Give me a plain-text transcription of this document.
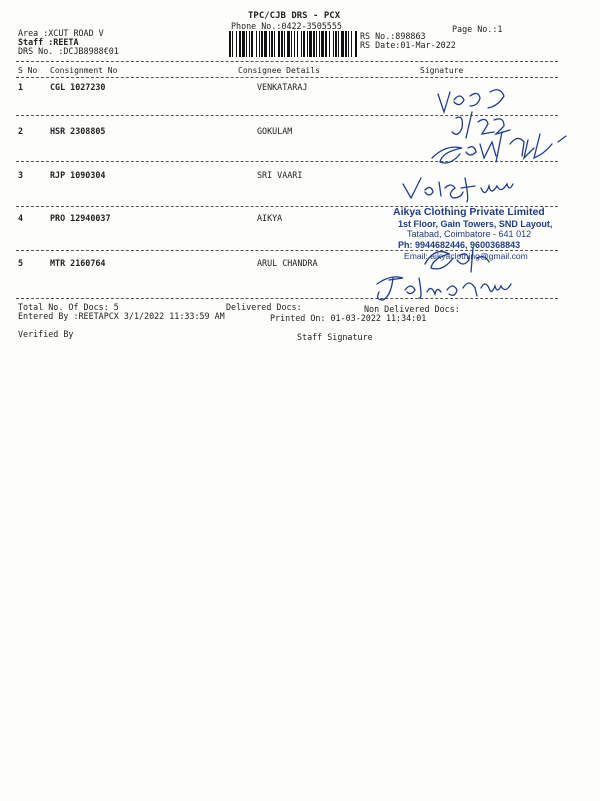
TPC/CJB DRS - PCX
Phone No.:0422-3505555
Area :XCUT ROAD V
Staff :REETA
DRS No. :DCJB8988€01
RS No.:898863
RS Date:01-Mar-2022
Page No.:1
S No Consignment No	Consignee Details	Signature
1	CGL 1027230	VENKATARAJ
2	HSR 2308805	GOKULAM
3	RJP 1090304	SRI VAARI
4	PRO 12940037	AIKYA
5	MTR 2160764	ARUL CHANDRA
Total No. Of Docs: 5	Delivered Docs:	Non Delivered Docs:
Entered By :REETAPCX 3/1/2022 11:33:59 AM	Printed On: 01-03-2022 11:34:01
Verified By	Staff Signature
Aikya Clothing Private Limited
1st Floor, Gain Towers, SND Layout,
Tatabad, Coimbatore - 641 012
Ph: 9944682446, 9600368843
Email: aikyaclothing@gmail.com
